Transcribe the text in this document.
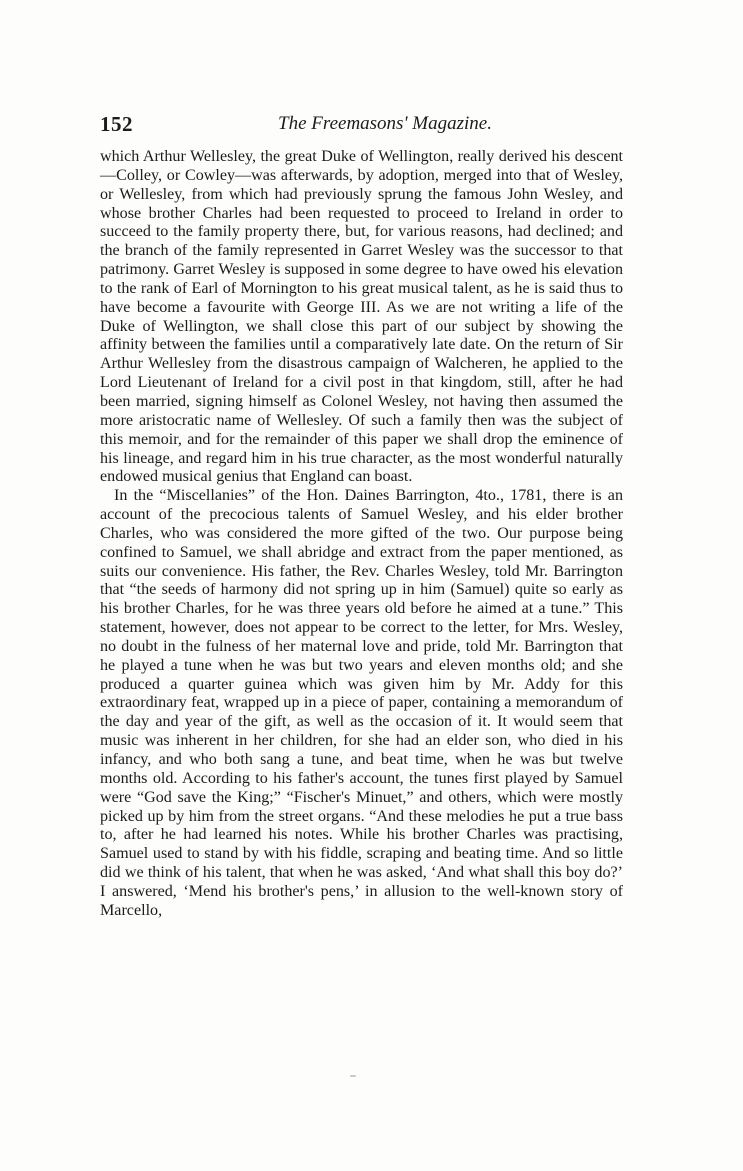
152	The Freemasons' Magazine.

which Arthur Wellesley, the great Duke of Wellington, really derived his descent—Colley, or Cowley—was afterwards, by adoption, merged into that of Wesley, or Wellesley, from which had previously sprung the famous John Wesley, and whose brother Charles had been requested to proceed to Ireland in order to succeed to the family property there, but, for various reasons, had declined; and the branch of the family represented in Garret Wesley was the successor to that patrimony. Garret Wesley is supposed in some degree to have owed his elevation to the rank of Earl of Mornington to his great musical talent, as he is said thus to have become a favourite with George III. As we are not writing a life of the Duke of Wellington, we shall close this part of our subject by showing the affinity between the families until a comparatively late date. On the return of Sir Arthur Wellesley from the disastrous campaign of Walcheren, he applied to the Lord Lieutenant of Ireland for a civil post in that kingdom, still, after he had been married, signing himself as Colonel Wesley, not having then assumed the more aristocratic name of Wellesley. Of such a family then was the subject of this memoir, and for the remainder of this paper we shall drop the eminence of his lineage, and regard him in his true character, as the most wonderful naturally endowed musical genius that England can boast.

In the “Miscellanies” of the Hon. Daines Barrington, 4to., 1781, there is an account of the precocious talents of Samuel Wesley, and his elder brother Charles, who was considered the more gifted of the two. Our purpose being confined to Samuel, we shall abridge and extract from the paper mentioned, as suits our convenience. His father, the Rev. Charles Wesley, told Mr. Barrington that “the seeds of harmony did not spring up in him (Samuel) quite so early as his brother Charles, for he was three years old before he aimed at a tune.” This statement, however, does not appear to be correct to the letter, for Mrs. Wesley, no doubt in the fulness of her maternal love and pride, told Mr. Barrington that he played a tune when he was but two years and eleven months old; and she produced a quarter guinea which was given him by Mr. Addy for this extraordinary feat, wrapped up in a piece of paper, containing a memorandum of the day and year of the gift, as well as the occasion of it. It would seem that music was inherent in her children, for she had an elder son, who died in his infancy, and who both sang a tune, and beat time, when he was but twelve months old. According to his father's account, the tunes first played by Samuel were “God save the King;” “Fischer's Minuet,” and others, which were mostly picked up by him from the street organs. “And these melodies he put a true bass to, after he had learned his notes. While his brother Charles was practising, Samuel used to stand by with his fiddle, scraping and beating time. And so little did we think of his talent, that when he was asked, ‘And what shall this boy do?’ I answered, ‘Mend his brother's pens,’ in allusion to the well-known story of Marcello,
